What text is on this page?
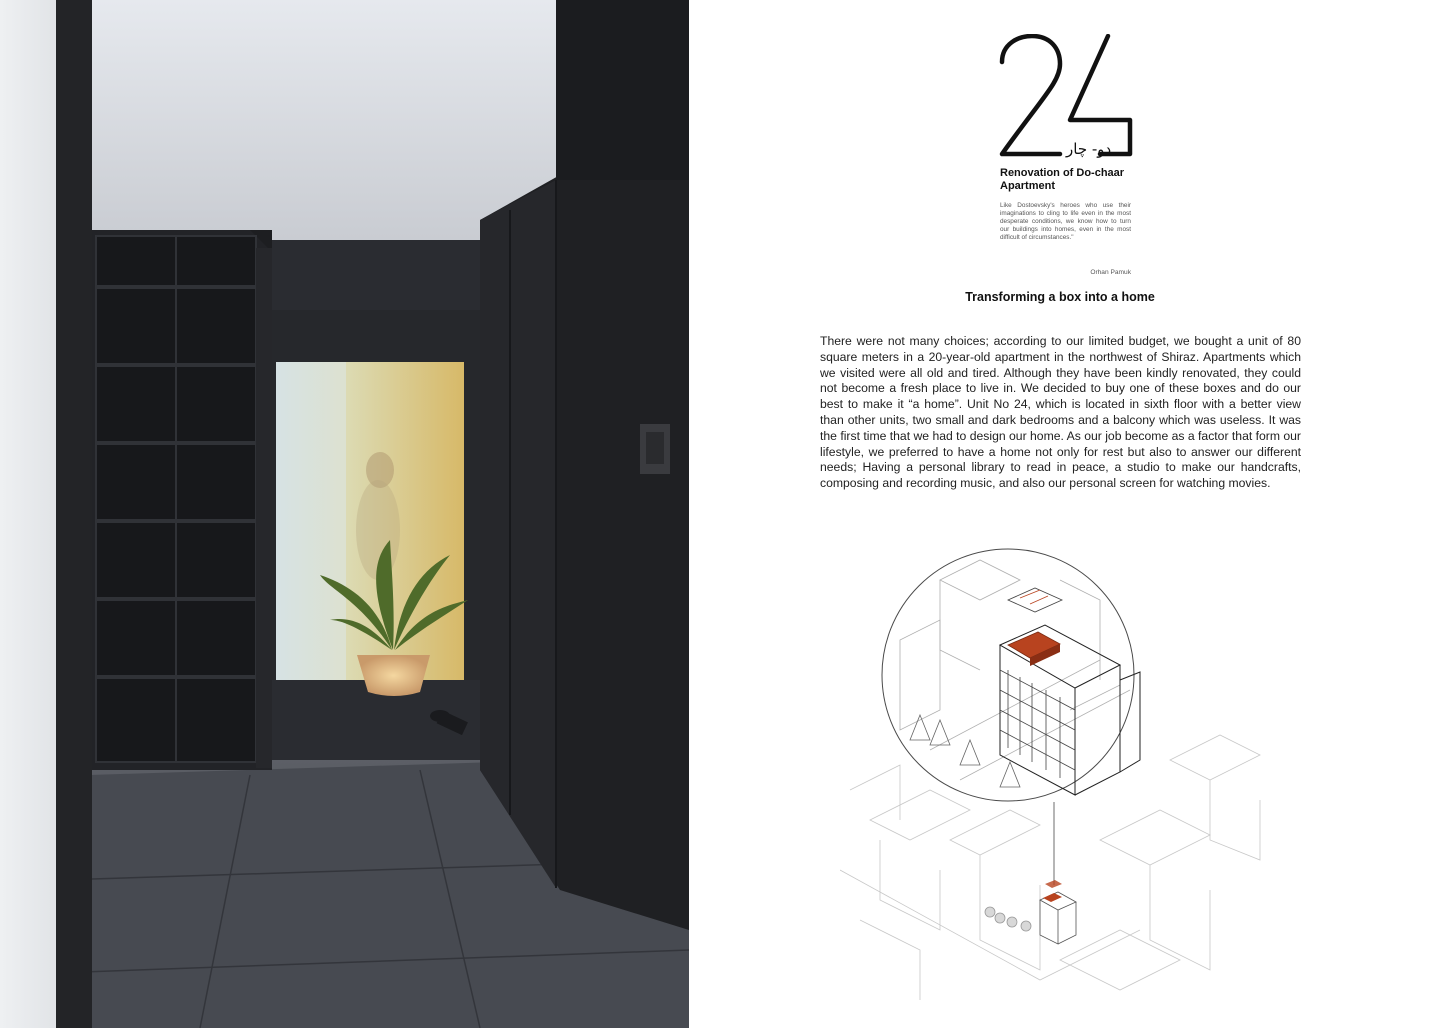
دو- چار
Renovation of Do-chaar Apartment
Like Dostoevsky's heroes who use their imaginations to cling to life even in the most desperate conditions, we know how to turn our buildings into homes, even in the most difficult of circumstances."
Orhan Pamuk
Transforming a box into a home

There were not many choices; according to our limited budget, we bought a unit of 80 square meters in a 20-year-old apartment in the northwest of Shiraz. Apartments which we visited were all old and tired. Although they have been kindly renovated, they could not become a fresh place to live in. We decided to buy one of these boxes and do our best to make it “a home”. Unit No 24, which is located in sixth floor with a better view than other units, two small and dark bedrooms and a balcony which was useless. It was the first time that we had to design our home. As our job become as a factor that form our lifestyle, we preferred to have a home not only for rest but also to answer our different needs; Having a personal library to read in peace, a studio to make our handcrafts, composing and recording music, and also our personal screen for watching movies.
